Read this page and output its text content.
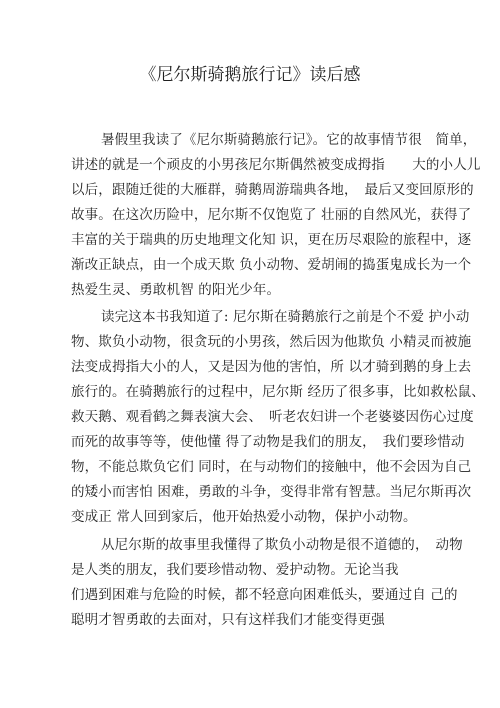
《尼尔斯骑鹅旅行记》读后感
暑假里我读了《尼尔斯骑鹅旅行记》。它的故事情节很　简单，
讲述的就是一个顽皮的小男孩尼尔斯偶然被变成拇指　　大的小人儿
以后，跟随迁徙的大雁群，骑鹅周游瑞典各地，　最后又变回原形的
故事。在这次历险中，尼尔斯不仅饱览了 壮丽的自然风光，获得了
丰富的关于瑞典的历史地理文化知 识，更在历尽艰险的旅程中，逐
渐改正缺点，由一个成天欺 负小动物、爱胡闹的捣蛋鬼成长为一个
热爱生灵、勇敢机智 的阳光少年。
读完这本书我知道了: 尼尔斯在骑鹅旅行之前是个不爱 护小动
物、欺负小动物，很贪玩的小男孩，然后因为他欺负 小精灵而被施
法变成拇指大小的人，又是因为他的害怕，所 以才骑到鹅的身上去
旅行的。在骑鹅旅行的过程中，尼尔斯 经历了很多事，比如救松鼠、
救天鹅、观看鹤之舞表演大会、　听老农妇讲一个老婆婆因伤心过度
而死的故事等等，使他懂 得了动物是我们的朋友，　我们要珍惜动
物，不能总欺负它们 同时，在与动物们的接触中，他不会因为自己
的矮小而害怕 困难，勇敢的斗争，变得非常有智慧。当尼尔斯再次
变成正 常人回到家后，他开始热爱小动物，保护小动物。
从尼尔斯的故事里我懂得了欺负小动物是很不道德的，　动物
是人类的朋友，我们要珍惜动物、爱护动物。无论当我
们遇到困难与危险的时候，都不轻意向困难低头，要通过自 己的
聪明才智勇敢的去面对，只有这样我们才能变得更强
